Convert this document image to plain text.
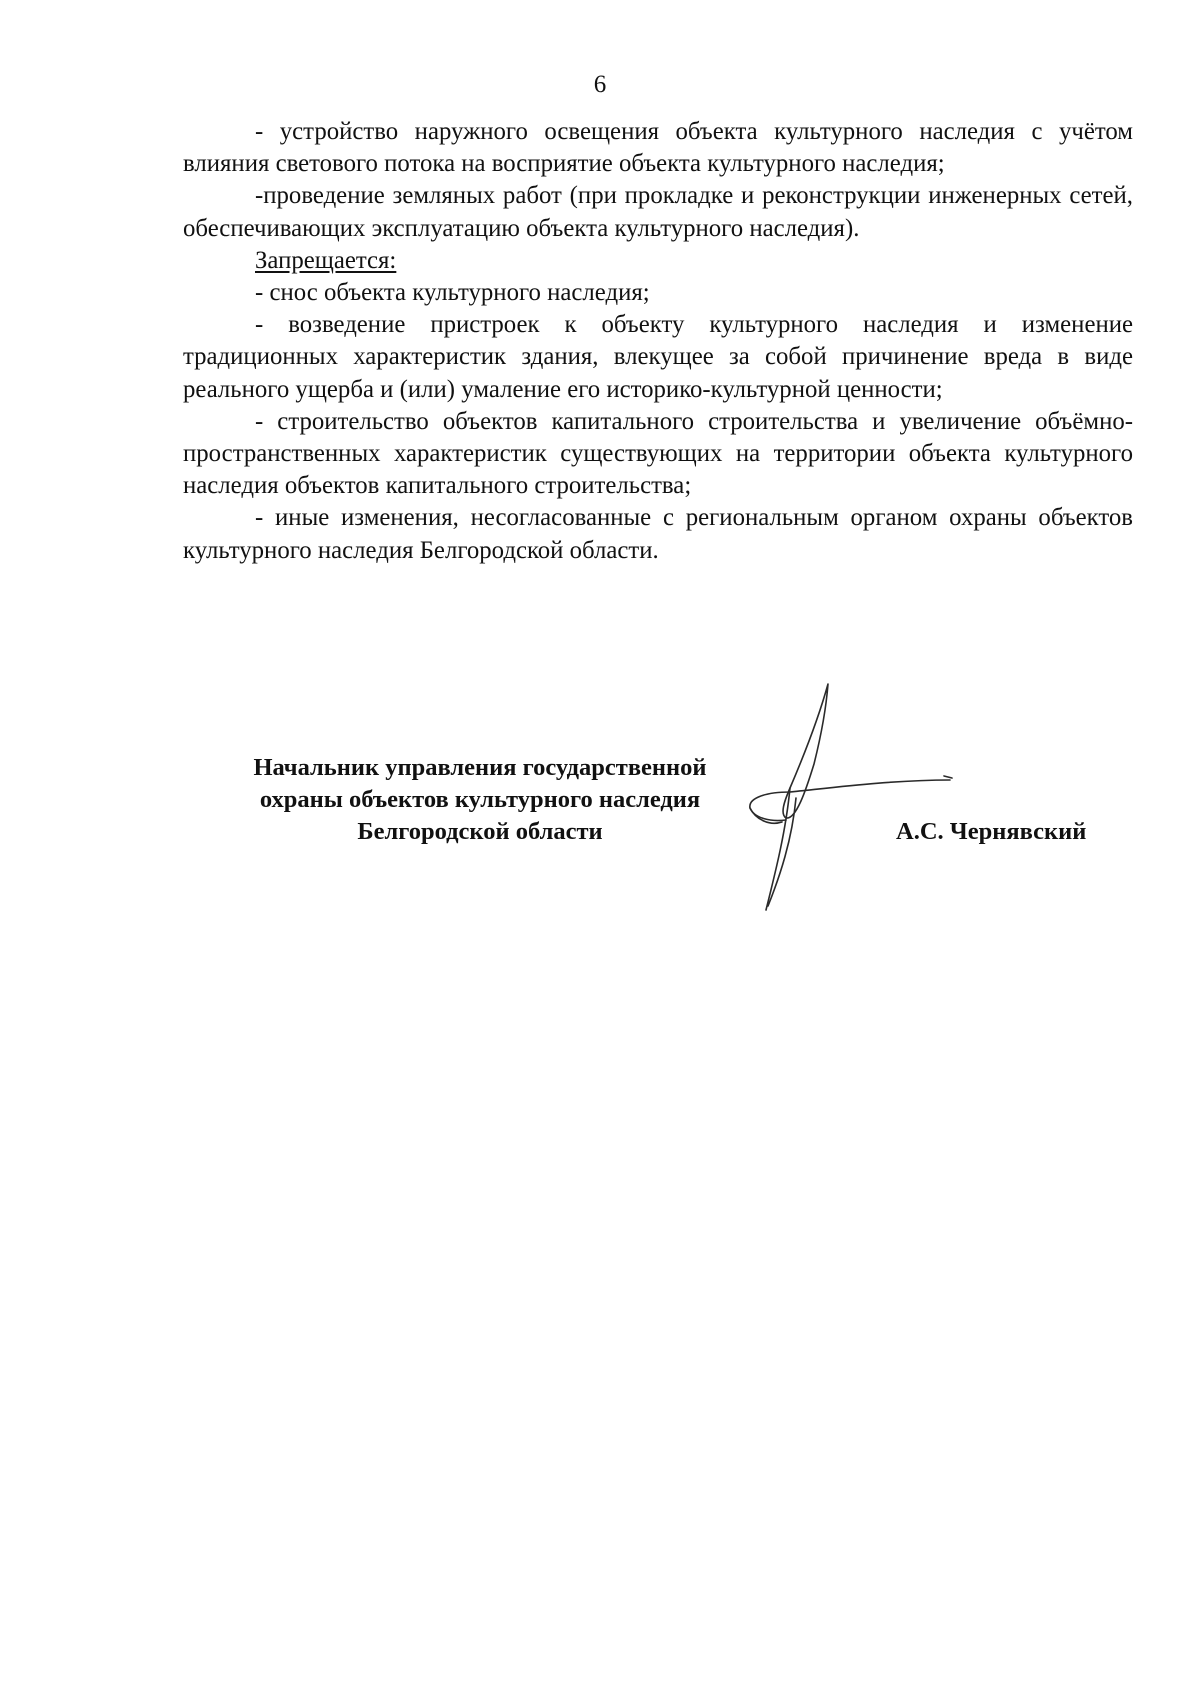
6

- устройство наружного освещения объекта культурного наследия с учётом влияния светового потока на восприятие объекта культурного наследия;

-проведение земляных работ (при прокладке и реконструкции инженерных сетей, обеспечивающих эксплуатацию объекта культурного наследия).

Запрещается:

- снос объекта культурного наследия;

- возведение пристроек к объекту культурного наследия и изменение традиционных характеристик здания, влекущее за собой причинение вреда в виде реального ущерба и (или) умаление его историко-культурной ценности;

- строительство объектов капитального строительства и увеличение объёмно-пространственных характеристик существующих на территории объекта культурного наследия объектов капитального строительства;

- иные изменения, несогласованные с региональным органом охраны объектов культурного наследия Белгородской области.

Начальник управления государственной
охраны объектов культурного наследия
Белгородской области	А.С. Чернявский
